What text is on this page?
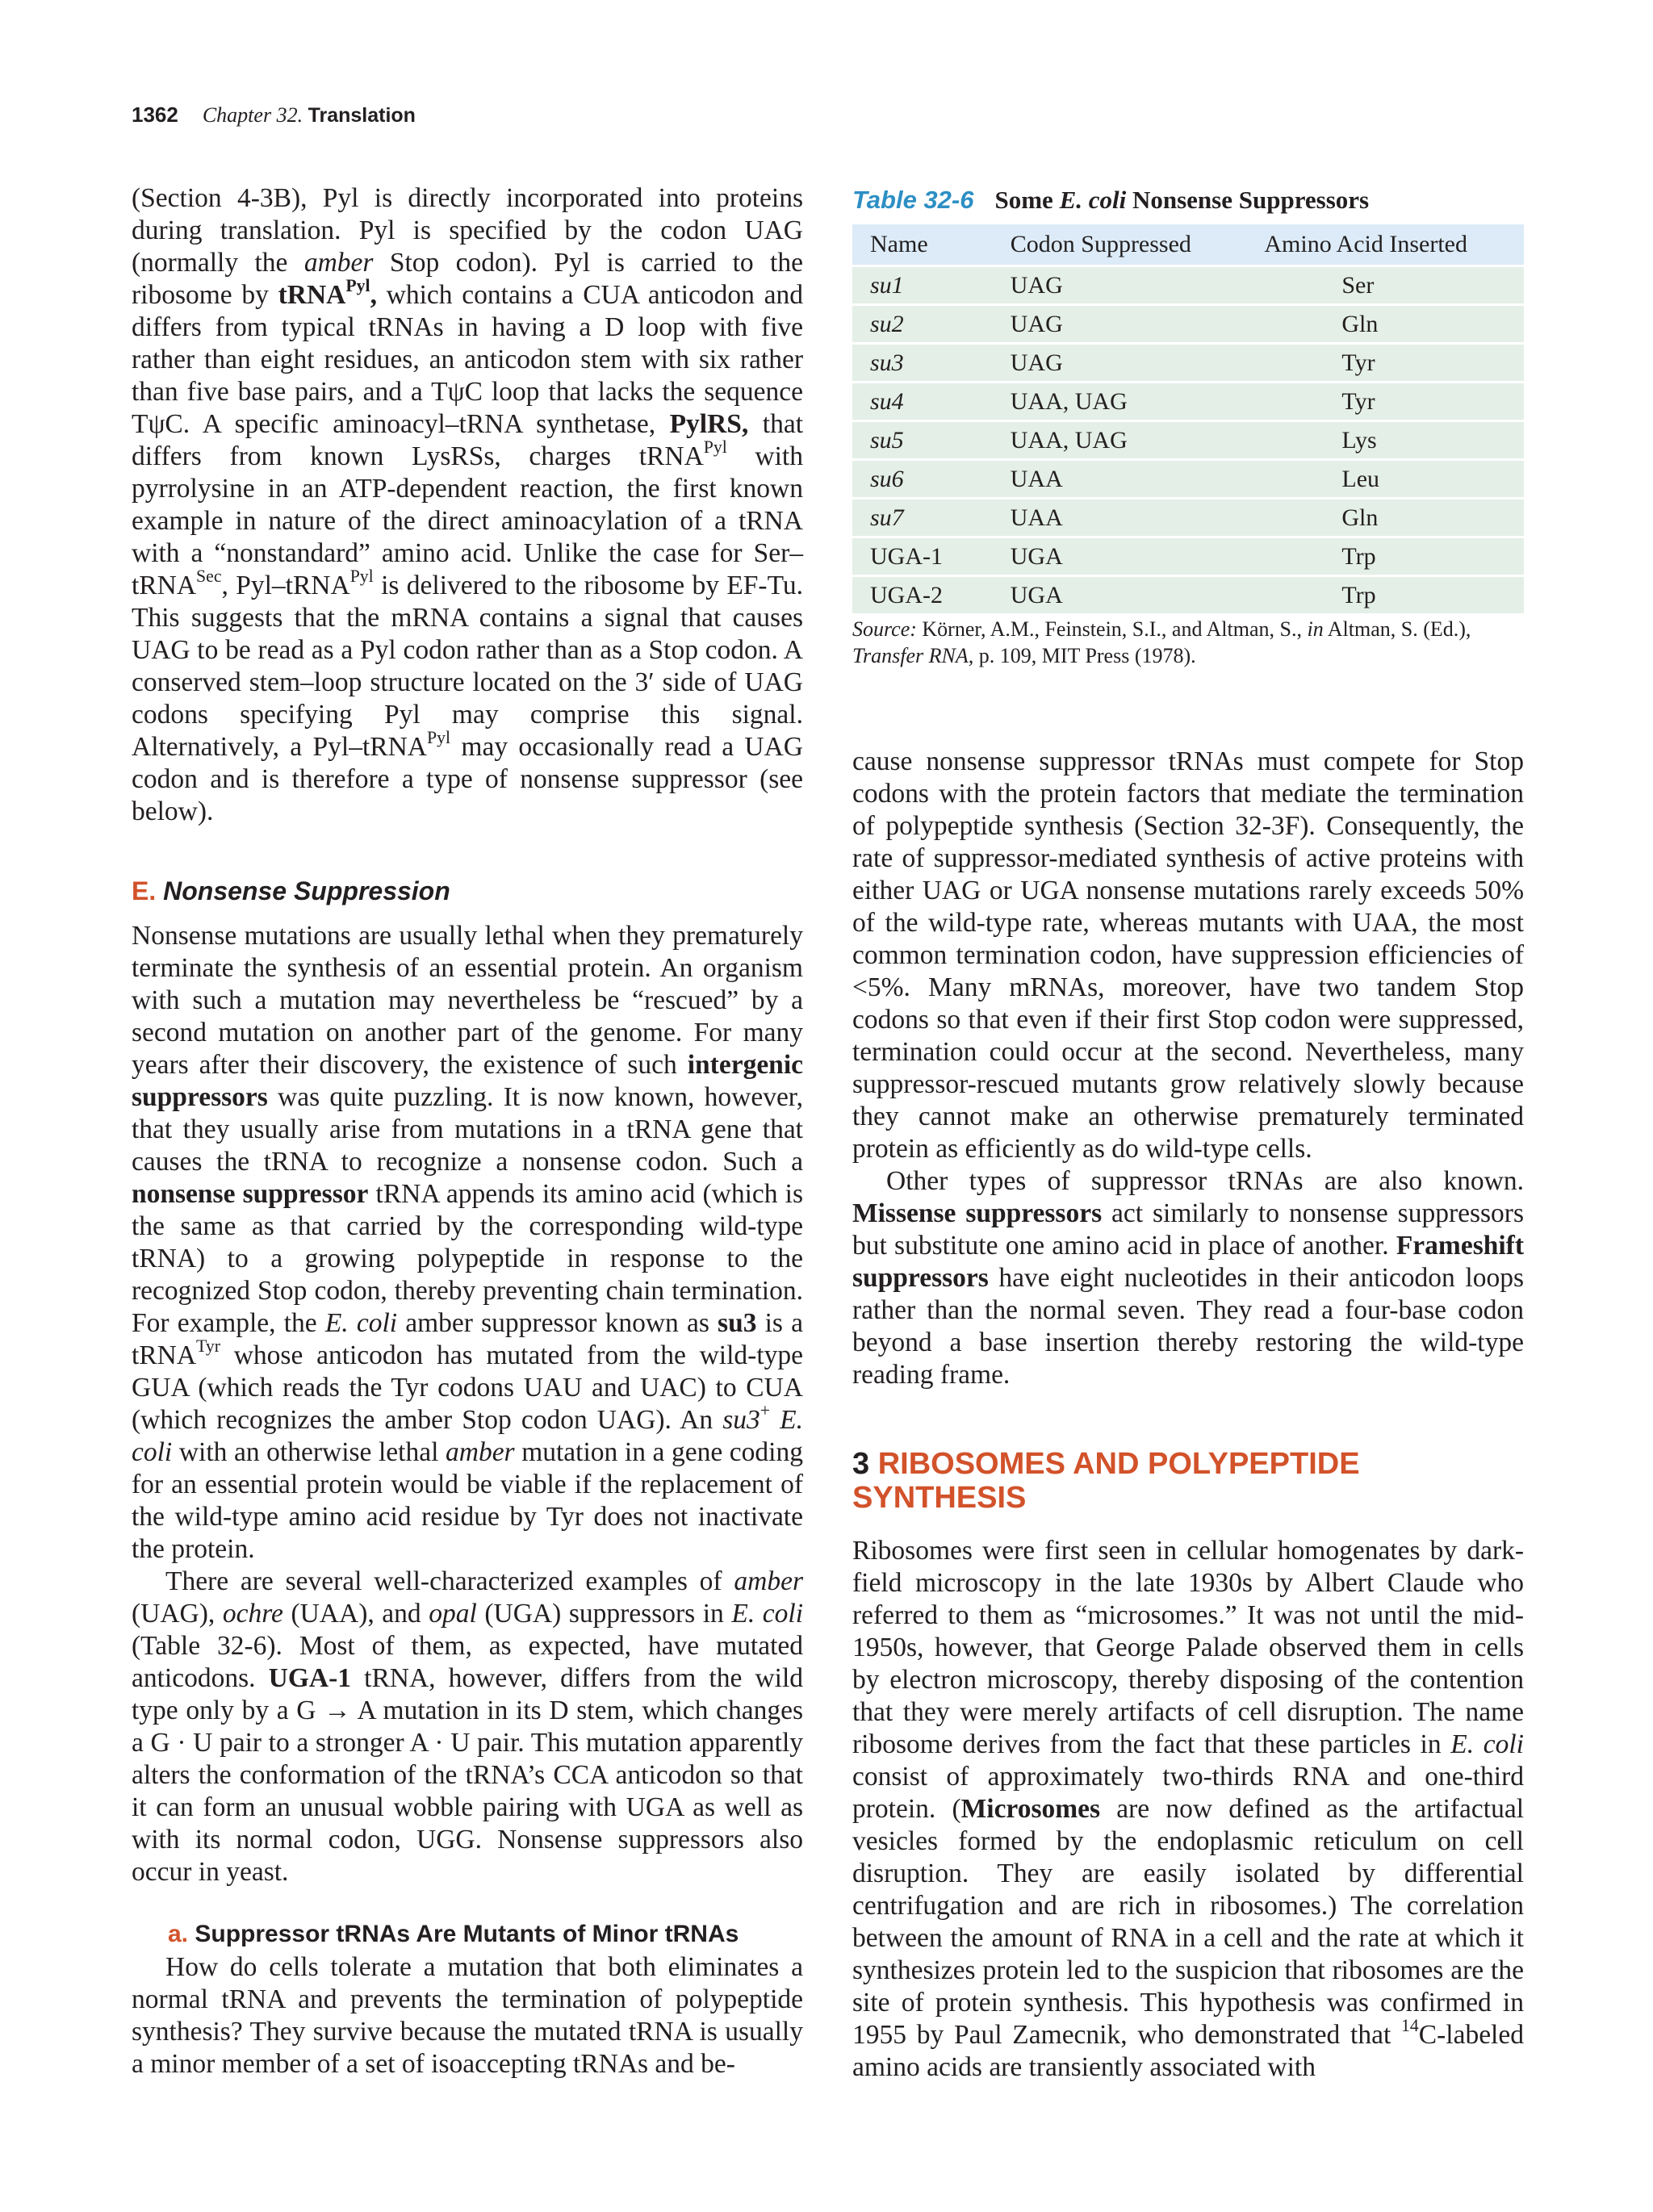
1362 Chapter 32. Translation

(Section 4-3B), Pyl is directly incorporated into proteins during translation. Pyl is specified by the codon UAG (normally the amber Stop codon). Pyl is carried to the ribosome by tRNA$^{Pyl}$, which contains a CUA anticodon and differs from typical tRNAs in having a D loop with five rather than eight residues, an anticodon stem with six rather than five base pairs, and a TψC loop that lacks the sequence TψC. A specific aminoacyl–tRNA synthetase, PylRS, that differs from known LysRSs, charges tRNA$^{Pyl}$ with pyrrolysine in an ATP-dependent reaction, the first known example in nature of the direct aminoacylation of a tRNA with a “nonstandard” amino acid. Unlike the case for Ser–tRNA$^{Sec}$, Pyl–tRNA$^{Pyl}$ is delivered to the ribosome by EF-Tu. This suggests that the mRNA contains a signal that causes UAG to be read as a Pyl codon rather than as a Stop codon. A conserved stem–loop structure located on the 3′ side of UAG codons specifying Pyl may comprise this signal. Alternatively, a Pyl–tRNA$^{Pyl}$ may occasionally read a UAG codon and is therefore a type of nonsense suppressor (see below).

E. Nonsense Suppression

Nonsense mutations are usually lethal when they prematurely terminate the synthesis of an essential protein. An organism with such a mutation may nevertheless be “rescued” by a second mutation on another part of the genome. For many years after their discovery, the existence of such intergenic suppressors was quite puzzling. It is now known, however, that they usually arise from mutations in a tRNA gene that causes the tRNA to recognize a nonsense codon. Such a nonsense suppressor tRNA appends its amino acid (which is the same as that carried by the corresponding wild-type tRNA) to a growing polypeptide in response to the recognized Stop codon, thereby preventing chain termination. For example, the E. coli amber suppressor known as su3 is a tRNA$^{Tyr}$ whose anticodon has mutated from the wild-type GUA (which reads the Tyr codons UAU and UAC) to CUA (which recognizes the amber Stop codon UAG). An su3+ E. coli with an otherwise lethal amber mutation in a gene coding for an essential protein would be viable if the replacement of the wild-type amino acid residue by Tyr does not inactivate the protein.

There are several well-characterized examples of amber (UAG), ochre (UAA), and opal (UGA) suppressors in E. coli (Table 32-6). Most of them, as expected, have mutated anticodons. UGA-1 tRNA, however, differs from the wild type only by a G → A mutation in its D stem, which changes a G · U pair to a stronger A · U pair. This mutation apparently alters the conformation of the tRNA’s CCA anticodon so that it can form an unusual wobble pairing with UGA as well as with its normal codon, UGG. Nonsense suppressors also occur in yeast.

a. Suppressor tRNAs Are Mutants of Minor tRNAs

How do cells tolerate a mutation that both eliminates a normal tRNA and prevents the termination of polypeptide synthesis? They survive because the mutated tRNA is usually a minor member of a set of isoaccepting tRNAs and be-

Table 32-6 Some E. coli Nonsense Suppressors
Name	Codon Suppressed	Amino Acid Inserted
su1	UAG	Ser
su2	UAG	Gln
su3	UAG	Tyr
su4	UAA, UAG	Tyr
su5	UAA, UAG	Lys
su6	UAA	Leu
su7	UAA	Gln
UGA-1	UGA	Trp
UGA-2	UGA	Trp
Source: Körner, A.M., Feinstein, S.I., and Altman, S., in Altman, S. (Ed.), Transfer RNA, p. 109, MIT Press (1978).

cause nonsense suppressor tRNAs must compete for Stop codons with the protein factors that mediate the termination of polypeptide synthesis (Section 32-3F). Consequently, the rate of suppressor-mediated synthesis of active proteins with either UAG or UGA nonsense mutations rarely exceeds 50% of the wild-type rate, whereas mutants with UAA, the most common termination codon, have suppression efficiencies of <5%. Many mRNAs, moreover, have two tandem Stop codons so that even if their first Stop codon were suppressed, termination could occur at the second. Nevertheless, many suppressor-rescued mutants grow relatively slowly because they cannot make an otherwise prematurely terminated protein as efficiently as do wild-type cells.

Other types of suppressor tRNAs are also known. Missense suppressors act similarly to nonsense suppressors but substitute one amino acid in place of another. Frameshift suppressors have eight nucleotides in their anticodon loops rather than the normal seven. They read a four-base codon beyond a base insertion thereby restoring the wild-type reading frame.

3 RIBOSOMES AND POLYPEPTIDE SYNTHESIS

Ribosomes were first seen in cellular homogenates by dark-field microscopy in the late 1930s by Albert Claude who referred to them as “microsomes.” It was not until the mid-1950s, however, that George Palade observed them in cells by electron microscopy, thereby disposing of the contention that they were merely artifacts of cell disruption. The name ribosome derives from the fact that these particles in E. coli consist of approximately two-thirds RNA and one-third protein. (Microsomes are now defined as the artifactual vesicles formed by the endoplasmic reticulum on cell disruption. They are easily isolated by differential centrifugation and are rich in ribosomes.) The correlation between the amount of RNA in a cell and the rate at which it synthesizes protein led to the suspicion that ribosomes are the site of protein synthesis. This hypothesis was confirmed in 1955 by Paul Zamecnik, who demonstrated that $^{14}$C-labeled amino acids are transiently associated with
